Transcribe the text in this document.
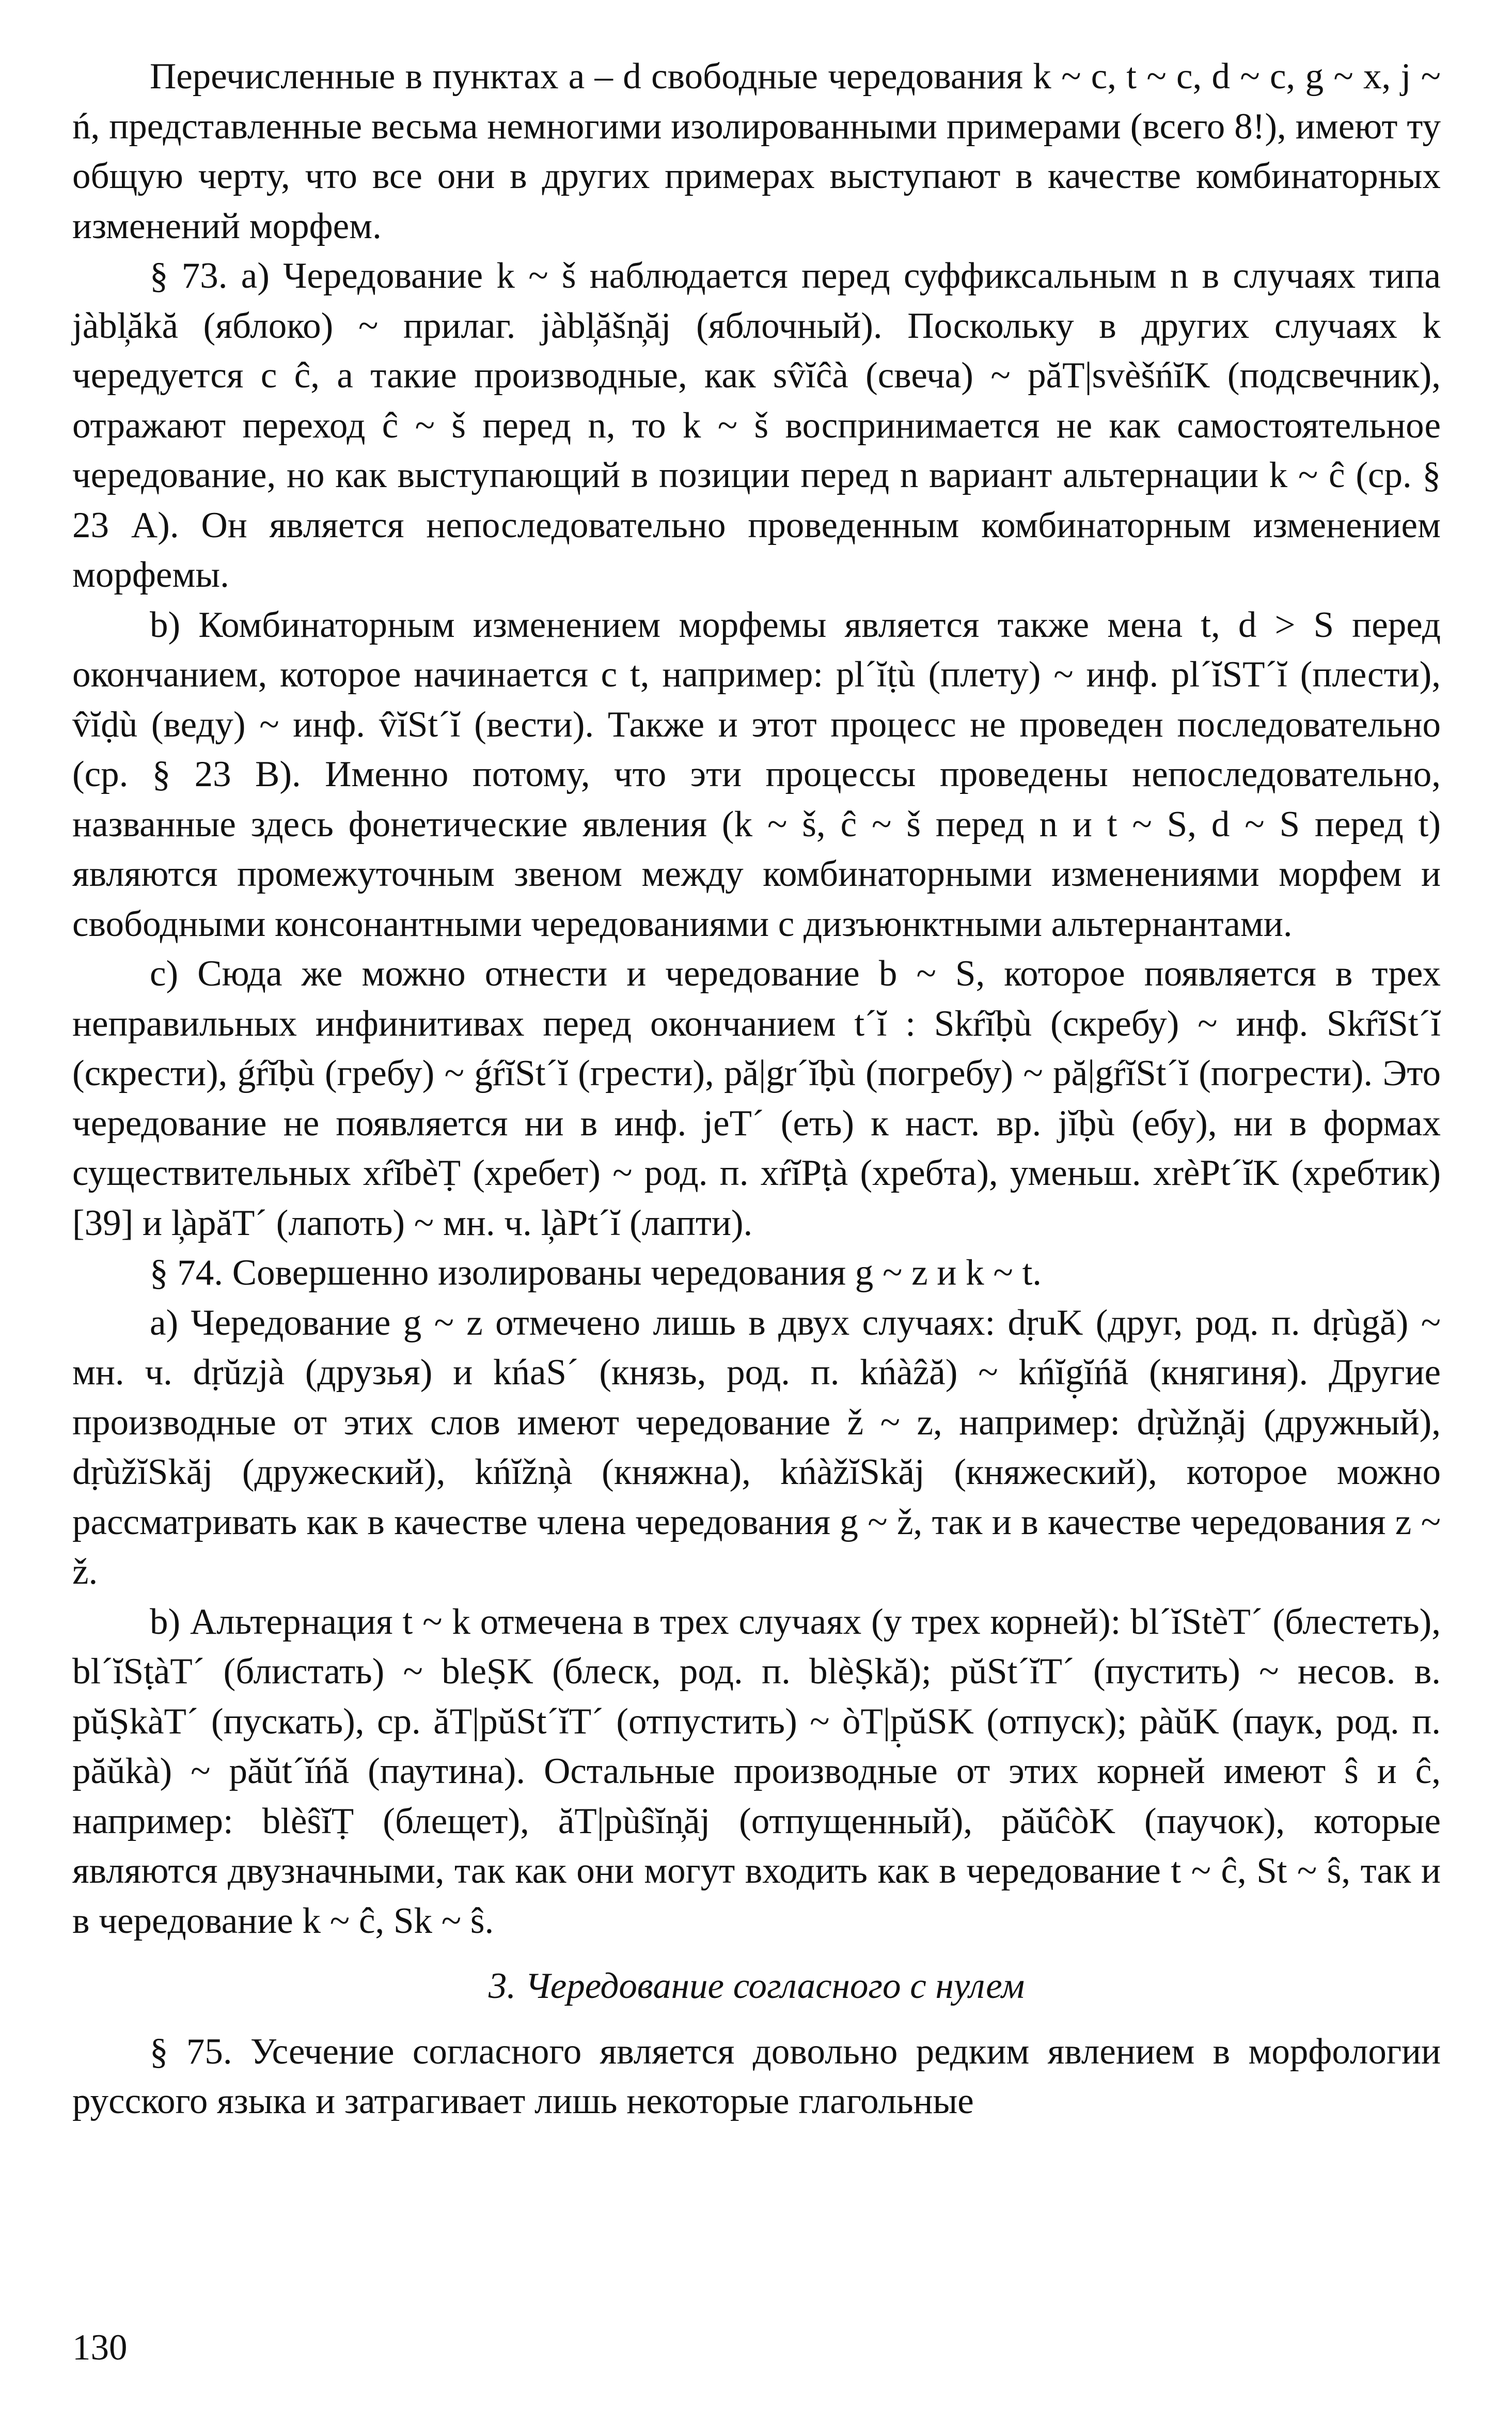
Перечисленные в пунктах a – d свободные чередования k ~ c, t ~ c, d ~ c, g ~ x, j ~ ń, представленные весьма немногими изолированными примерами (всего 8!), имеют ту общую черту, что все они в других примерах выступают в качестве комбинаторных изменений морфем.

§ 73. a) Чередование k ~ š наблюдается перед суффиксальным n в случаях типа jàbl̦ăkă (яблоко) ~ прилаг. jàbl̦ăšn̦ăj (яблочный). Поскольку в других случаях k чередуется с ĉ, а такие производные, как sv̂ĭĉà (свеча) ~ păT|svèšńĭK (подсвечник), отражают переход ĉ ~ š перед n, то k ~ š воспринимается не как самостоятельное чередование, но как выступающий в позиции перед n вариант альтернации k ~ ĉ (ср. § 23 A). Он является непоследовательно проведенным комбинаторным изменением морфемы.

b) Комбинаторным изменением морфемы является также мена t, d > S перед окончанием, которое начинается с t, например: pl´ĭṭù (плету) ~ инф. pl´ĭST´ĭ (плести), v̂ĭḍù (веду) ~ инф. v̂ĭSt´ĭ (вести). Также и этот процесс не проведен последовательно (ср. § 23 B). Именно потому, что эти процессы проведены непоследовательно, названные здесь фонетические явления (k ~ š, ĉ ~ š перед n и t ~ S, d ~ S перед t) являются промежуточным звеном между комбинаторными изменениями морфем и свободными консонантными чередованиями с дизъюнктными альтернантами.

c) Сюда же можно отнести и чередование b ~ S, которое появляется в трех неправильных инфинитивах перед окончанием t´ĭ : Skŕĭḅù (скребу) ~ инф. SkŕĭSt´ĭ (скрести), ǵŕĭḅù (гребу) ~ ǵŕĭSt´ĭ (грести), pă|gr´ĭḅù (погребу) ~ pă|gŕĭSt´ĭ (погрести). Это чередование не появляется ни в инф. jeT´ (еть) к наст. вр. jĭḅù (ебу), ни в формах существительных xŕĭbèṬ (хребет) ~ род. п. xŕĭPṭà (хребта), уменьш. xrèPt´ĭK (хребтик) [39] и l̦àpăT´ (лапоть) ~ мн. ч. l̦àPt´ĭ (лапти).

§ 74. Совершенно изолированы чередования g ~ z и k ~ t.

a) Чередование g ~ z отмечено лишь в двух случаях: dṛuK (друг, род. п. dṛùgă) ~ мн. ч. dṛŭzjà (друзья) и kńaS´ (князь, род. п. kńàẑă) ~ kńĭg̣ĭńă (княгиня). Другие производные от этих слов имеют чередование ž ~ z, например: dṛùžn̦ăj (дружный), dṛùžĭSkăj (дружеский), kńĭžn̦à (княжна), kńàžĭSkăj (княжеский), которое можно рассматривать как в качестве члена чередования g ~ ž, так и в качестве чередования z ~ ž.

b) Альтернация t ~ k отмечена в трех случаях (у трех корней): bl´ĭStèT´ (блестеть), bl´ĭSṭàT´ (блистать) ~ bleṢK (блеск, род. п. blèṢkă); pŭSt´ĭT´ (пустить) ~ несов. в. pŭṢkàT´ (пускать), ср. ăT|pŭSt´ĭT´ (отпустить) ~ òT|p̣ŭSK (отпуск); pàŭK (паук, род. п. păŭkà) ~ păŭt´ĭńă (паутина). Остальные производные от этих корней имеют ŝ и ĉ, например: blèŝĭṬ (блещет), ăT|pùŝĭn̦ăj (отпущенный), păŭĉòK (паучок), которые являются двузначными, так как они могут входить как в чередование t ~ ĉ, St ~ ŝ, так и в чередование k ~ ĉ, Sk ~ ŝ.

3. Чередование согласного с нулем

§ 75. Усечение согласного является довольно редким явлением в морфологии русского языка и затрагивает лишь некоторые глагольные

130
